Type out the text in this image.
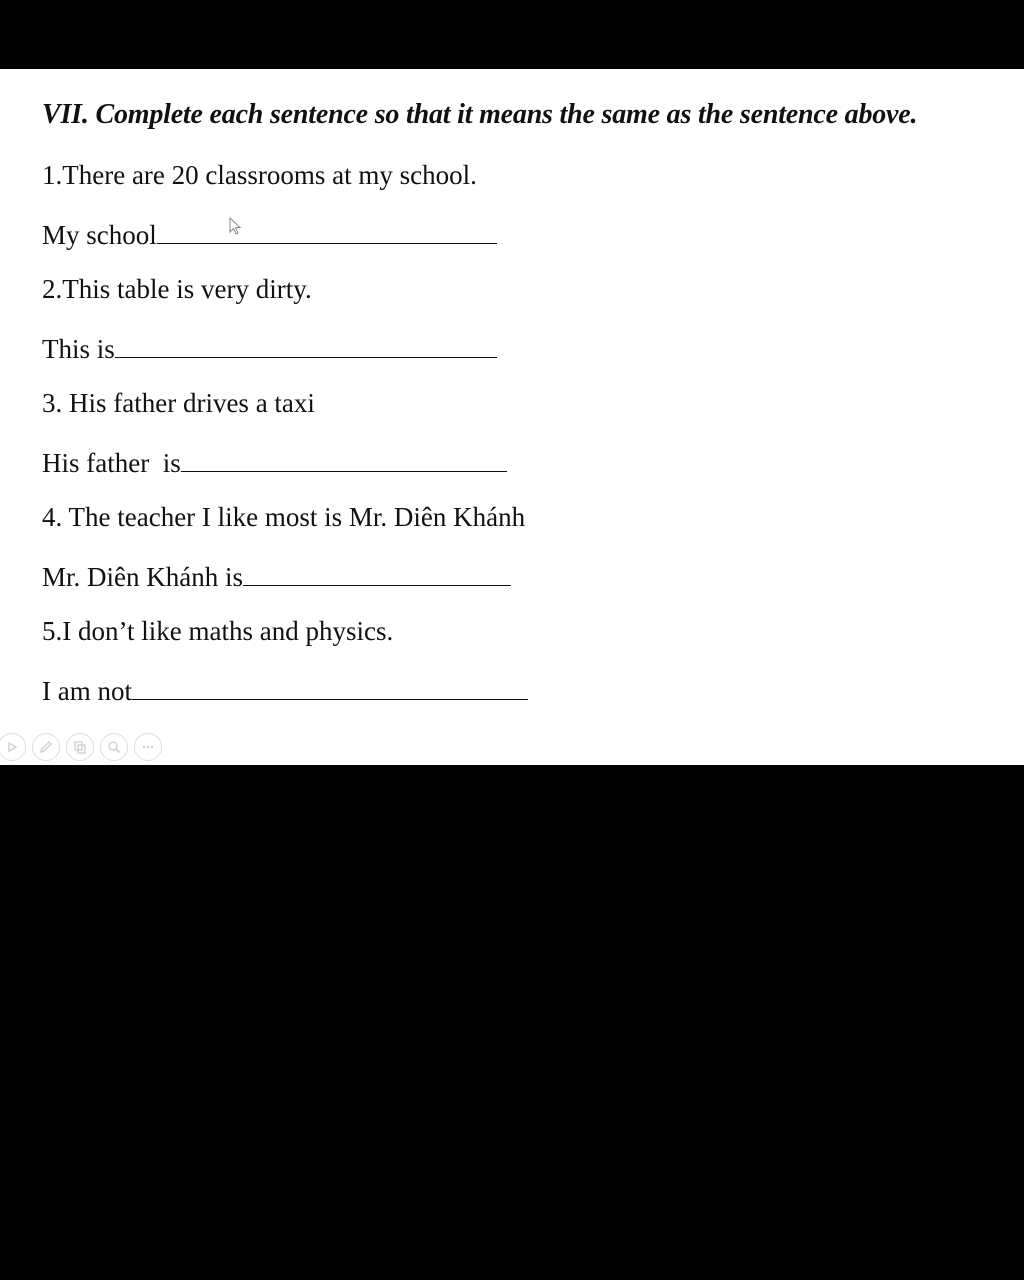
VII. Complete each sentence so that it means the same as the sentence above.
1.There are 20 classrooms at my school.
My school
2.This table is very dirty.
This is
3. His father drives a taxi
His father  is
4. The teacher I like most is Mr. Diên Khánh
Mr. Diên Khánh is
5.I don’t like maths and physics.
I am not
